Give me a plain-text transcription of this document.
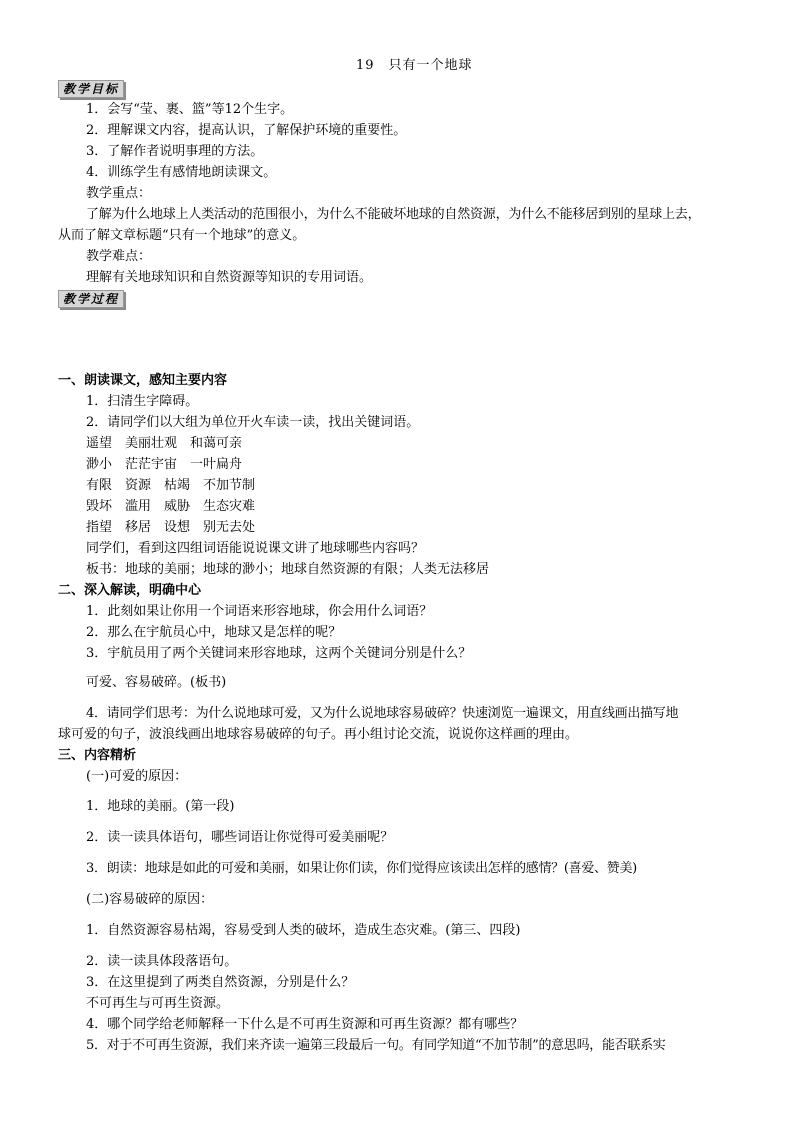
19　只有一个地球
教学目标
1．会写“莹、裹、篮”等12个生字。
2．理解课文内容，提高认识，了解保护环境的重要性。
3．了解作者说明事理的方法。
4．训练学生有感情地朗读课文。
教学重点：
了解为什么地球上人类活动的范围很小，为什么不能破坏地球的自然资源，为什么不能移居到别的星球上去，
从而了解文章标题“只有一个地球”的意义。
教学难点：
理解有关地球知识和自然资源等知识的专用词语。
教学过程
一、朗读课文，感知主要内容
1．扫清生字障碍。
2．请同学们以大组为单位开火车读一读，找出关键词语。
遥望　美丽壮观　和蔼可亲
渺小　茫茫宇宙　一叶扁舟
有限　资源　枯竭　不加节制
毁坏　滥用　威胁　生态灾难
指望　移居　设想　别无去处
同学们，看到这四组词语能说说课文讲了地球哪些内容吗？
板书：地球的美丽；地球的渺小；地球自然资源的有限；人类无法移居
二、深入解读，明确中心
1．此刻如果让你用一个词语来形容地球，你会用什么词语？
2．那么在宇航员心中，地球又是怎样的呢？
3．宇航员用了两个关键词来形容地球，这两个关键词分别是什么？
可爱、容易破碎。(板书)
4．请同学们思考：为什么说地球可爱，又为什么说地球容易破碎？快速浏览一遍课文，用直线画出描写地
球可爱的句子，波浪线画出地球容易破碎的句子。再小组讨论交流，说说你这样画的理由。
三、内容精析
(一)可爱的原因：
1．地球的美丽。(第一段)
2．读一读具体语句，哪些词语让你觉得可爱美丽呢？
3．朗读：地球是如此的可爱和美丽，如果让你们读，你们觉得应该读出怎样的感情？(喜爱、赞美)
(二)容易破碎的原因：
1．自然资源容易枯竭，容易受到人类的破坏，造成生态灾难。(第三、四段)
2．读一读具体段落语句。
3．在这里提到了两类自然资源，分别是什么？
不可再生与可再生资源。
4．哪个同学给老师解释一下什么是不可再生资源和可再生资源？都有哪些？
5．对于不可再生资源，我们来齐读一遍第三段最后一句。有同学知道“不加节制”的意思吗，能否联系实
